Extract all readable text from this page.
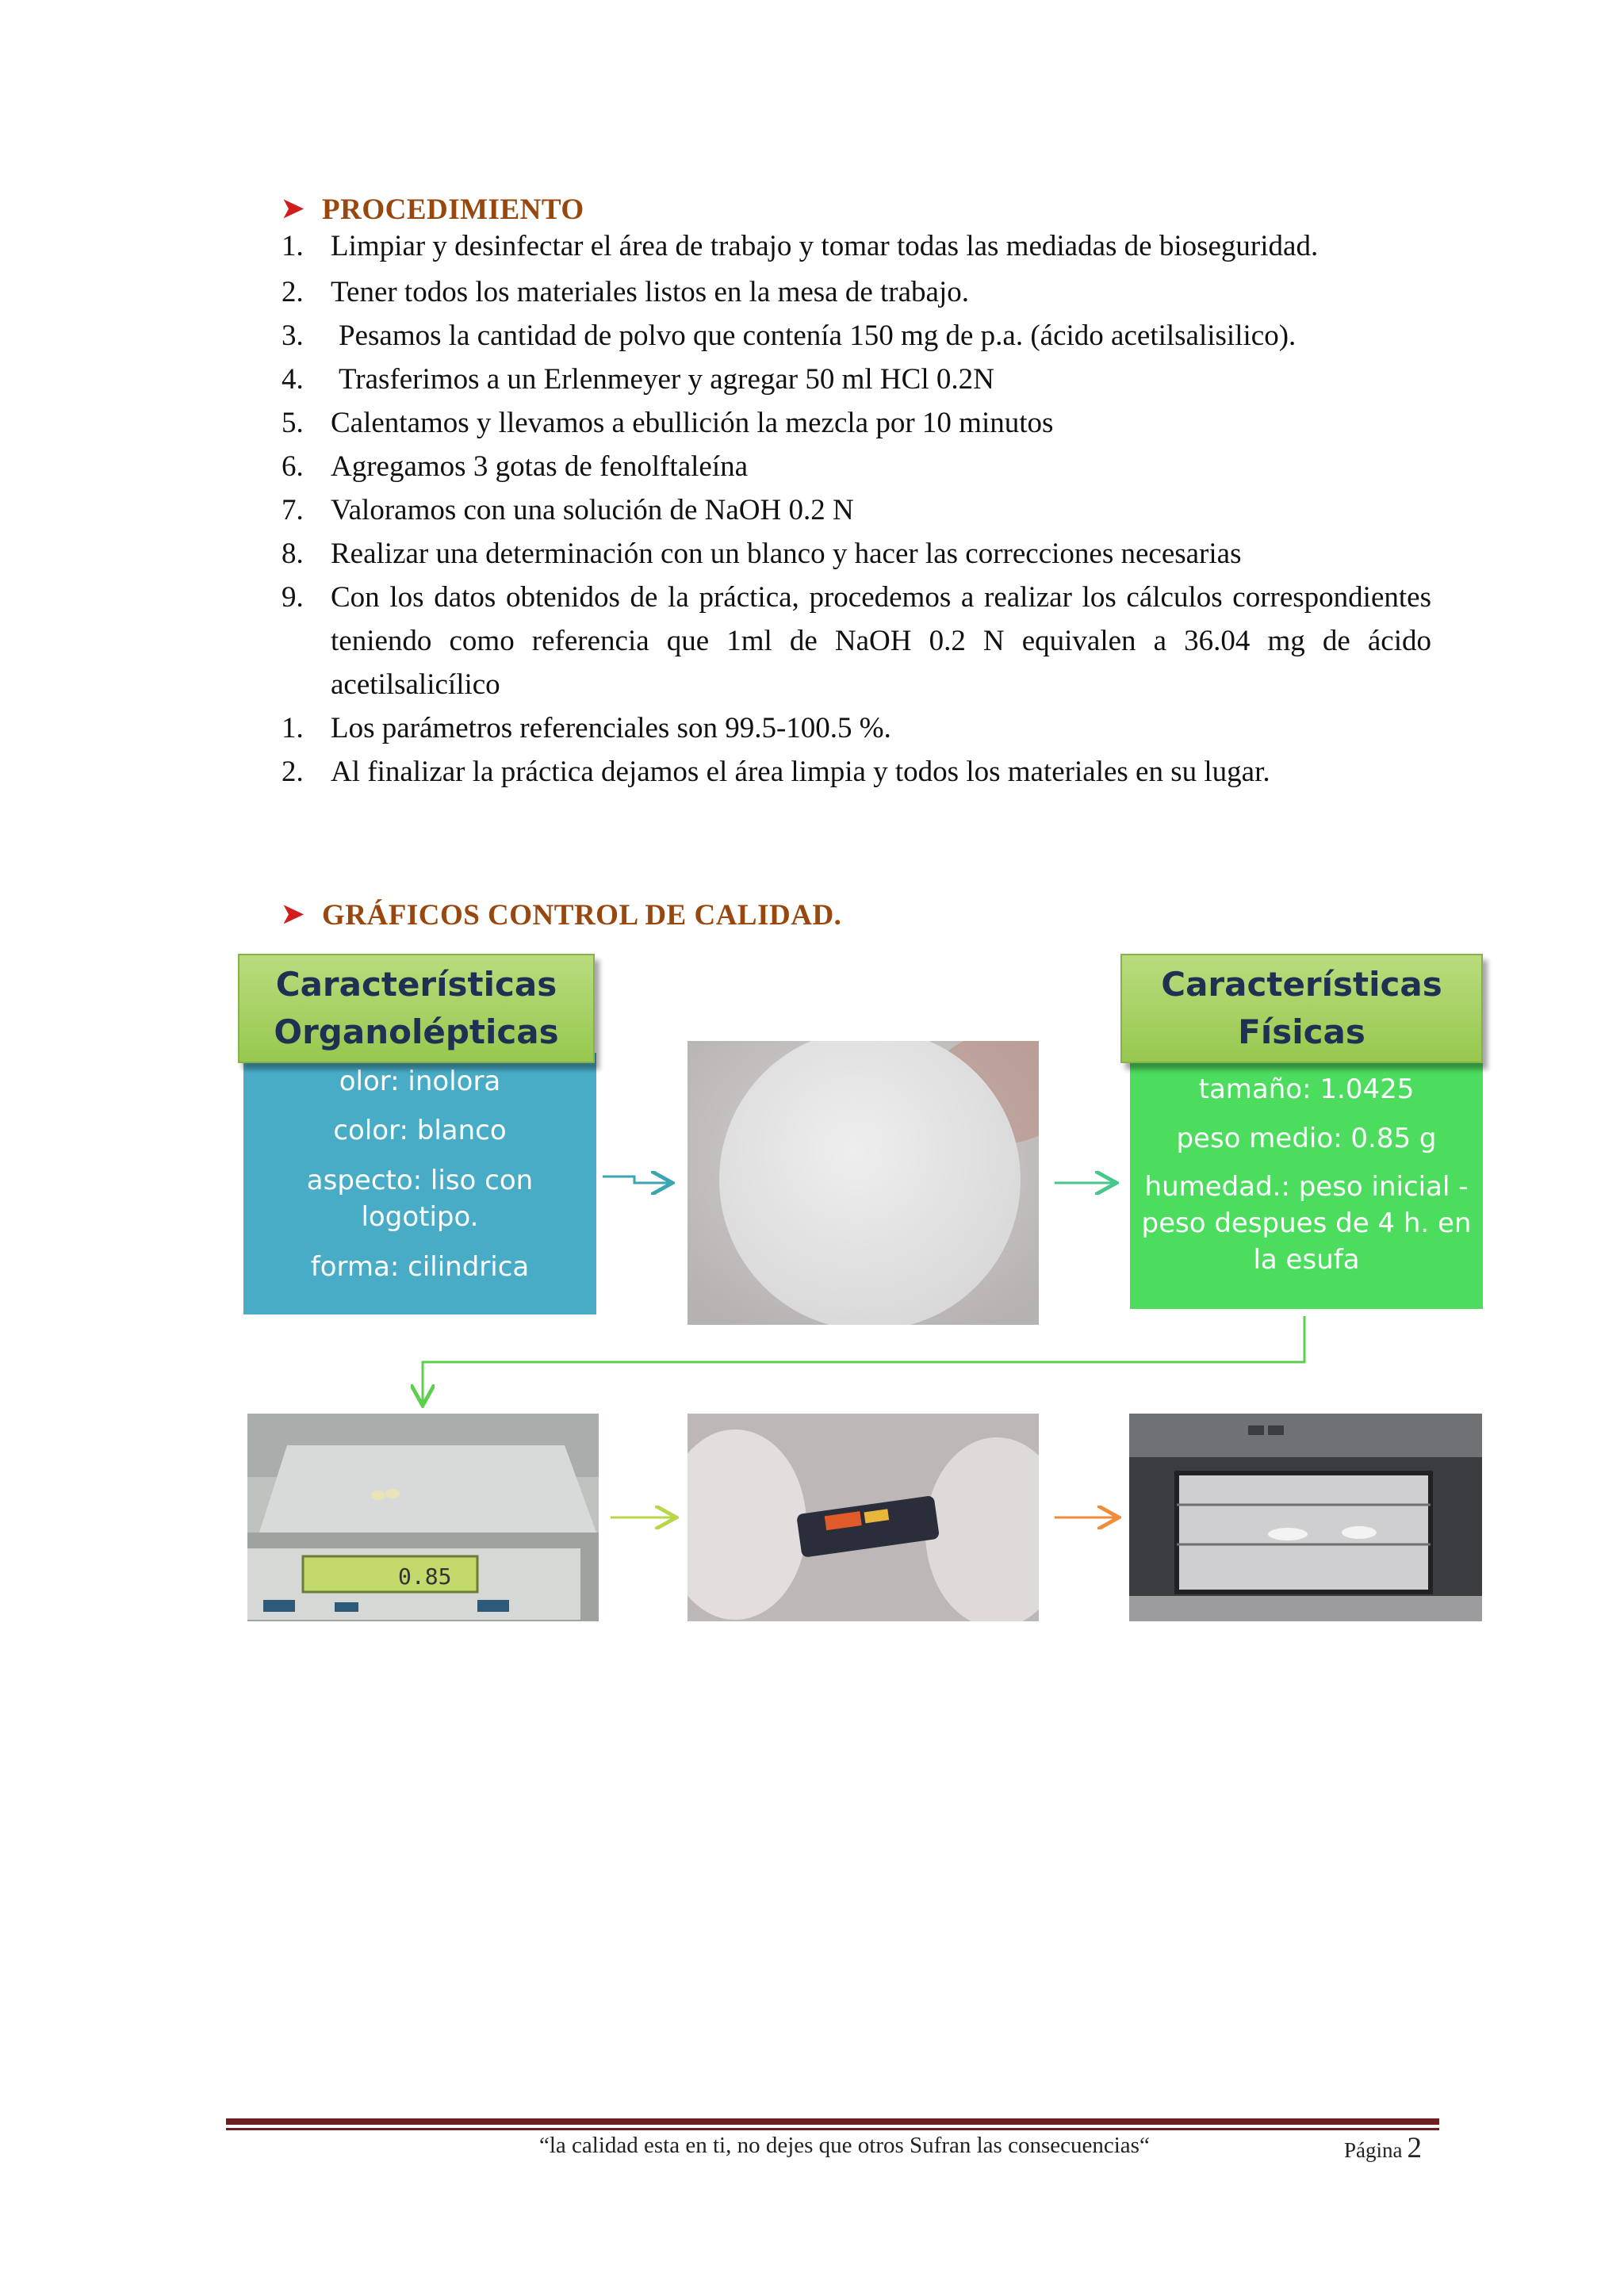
➤ PROCEDIMIENTO
1. Limpiar y desinfectar el área de trabajo y tomar todas las mediadas de bioseguridad.
2. Tener todos los materiales listos en la mesa de trabajo.
3.	Pesamos la cantidad de polvo que contenía 150 mg de p.a. (ácido acetilsalisilico).
4.	Trasferimos a un Erlenmeyer y agregar 50 ml HCl 0.2N
5. Calentamos y llevamos a ebullición la mezcla por 10 minutos
6. Agregamos 3 gotas de fenolftaleína
7. Valoramos con una solución de NaOH 0.2 N
8. Realizar una determinación con un blanco y hacer las correcciones necesarias
9. Con los datos obtenidos de la práctica, procedemos a realizar los cálculos correspondientes teniendo como referencia que 1ml de NaOH 0.2 N equivalen a 36.04 mg de ácido acetilsalicílico
1. Los parámetros referenciales son 99.5-100.5 %.
2. Al finalizar la práctica dejamos el área limpia y todos los materiales en su lugar.
➤ GRÁFICOS CONTROL DE CALIDAD.

olor: inolora

color: blanco

aspecto: liso con logotipo.

forma: cilindrica

Características
Organolépticas

tamaño: 1.0425

peso medio: 0.85 g

humedad.: peso inicial - peso despues de 4 h. en la esufa

Características
Físicas
0.85
“la calidad esta en ti, no dejes que otros Sufran las consecuencias“	Página 2
